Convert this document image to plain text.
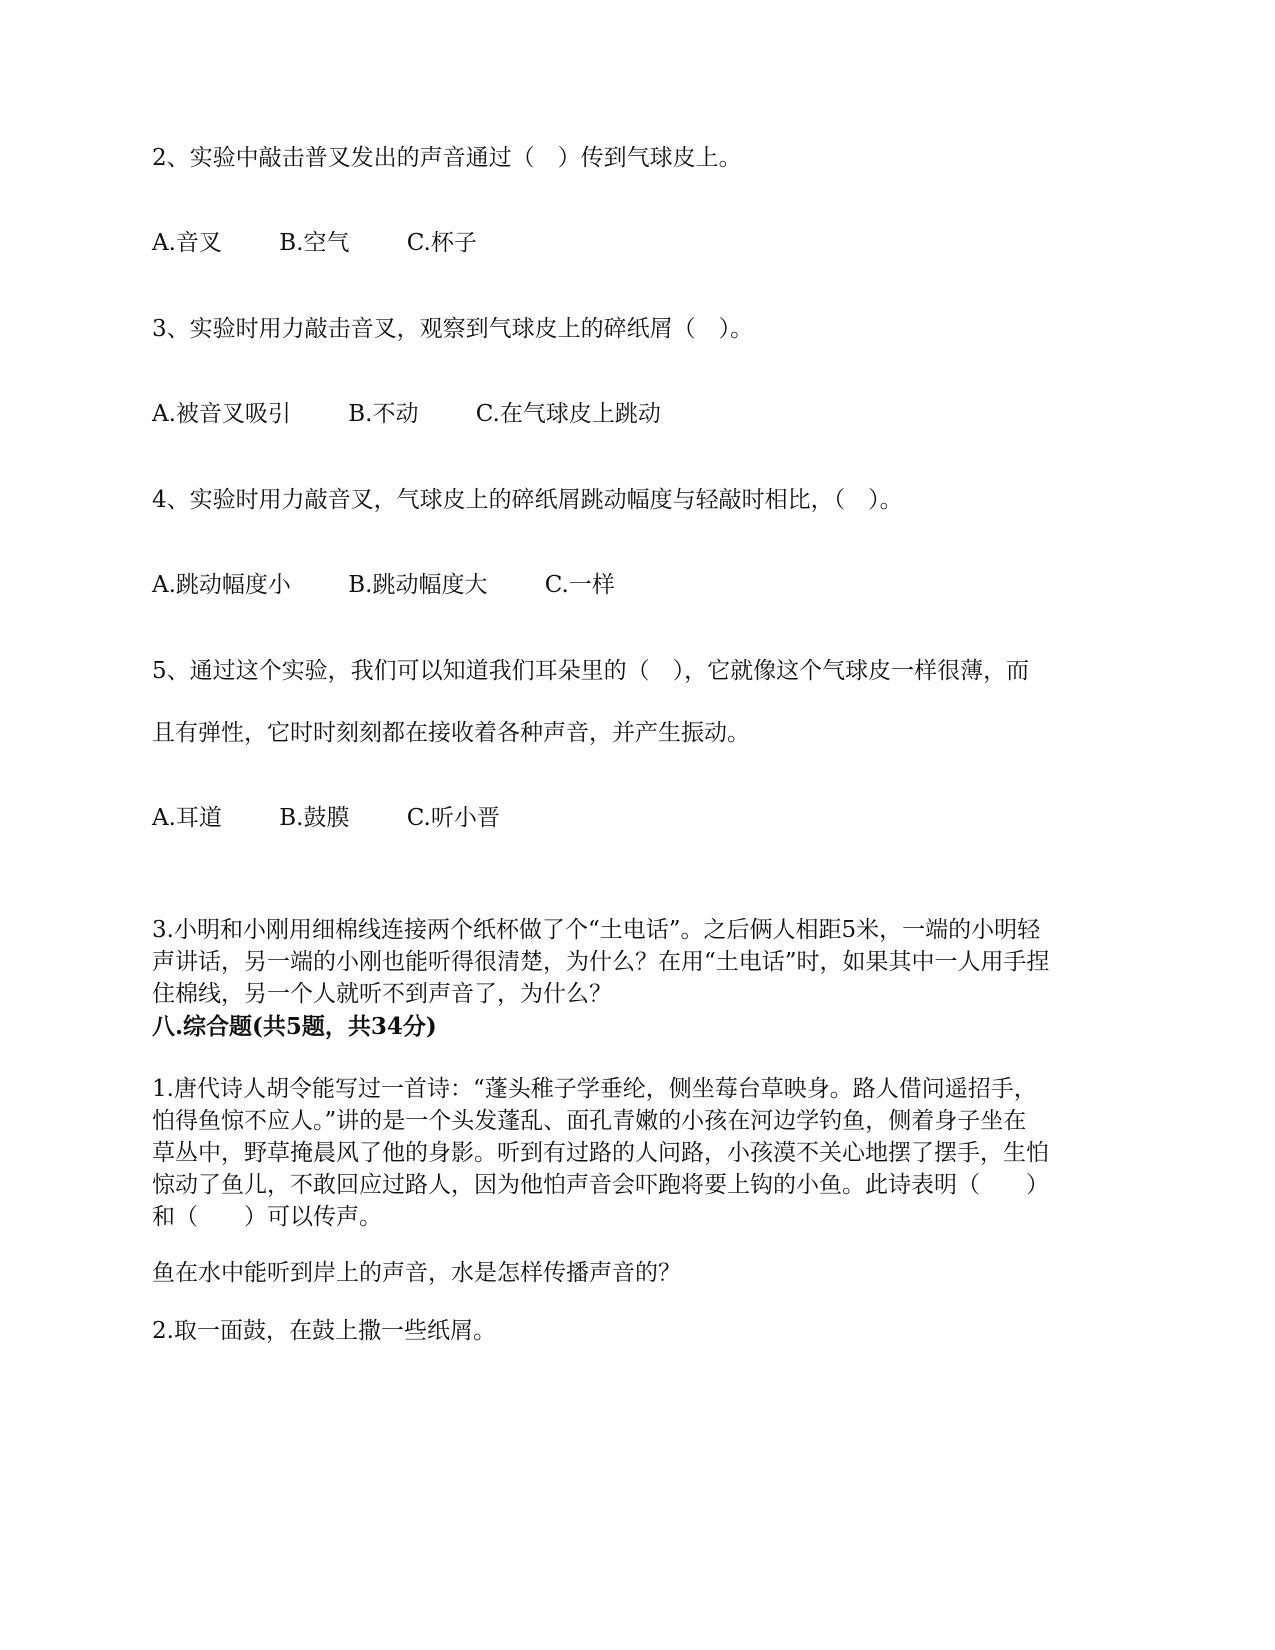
2、实验中敲击普叉发出的声音通过（　）传到气球皮上。
A.音叉 B.空气 C.杯子
3、实验时用力敲击音叉，观察到气球皮上的碎纸屑（　）。
A.被音叉吸引 B.不动 C.在气球皮上跳动
4、实验时用力敲音叉，气球皮上的碎纸屑跳动幅度与轻敲时相比，（　）。
A.跳动幅度小 B.跳动幅度大 C.一样
5、通过这个实验，我们可以知道我们耳朵里的（　），它就像这个气球皮一样很薄，而
且有弹性，它时时刻刻都在接收着各种声音，并产生振动。
A.耳道 B.鼓膜 C.听小晋
3.小明和小刚用细棉线连接两个纸杯做了个“土电话”。之后俩人相距5米，一端的小明轻
声讲话，另一端的小刚也能听得很清楚，为什么？在用“土电话”时，如果其中一人用手捏
住棉线，另一个人就听不到声音了，为什么？
八.综合题(共5题，共34分)
1.唐代诗人胡令能写过一首诗：“蓬头稚子学垂纶，侧坐莓台草映身。路人借问遥招手，
怕得鱼惊不应人。”讲的是一个头发蓬乱、面孔青嫩的小孩在河边学钓鱼，侧着身子坐在
草丛中，野草掩晨风了他的身影。听到有过路的人问路，小孩漠不关心地摆了摆手，生怕
惊动了鱼儿，不敢回应过路人，因为他怕声音会吓跑将要上钩的小鱼。此诗表明（　　）
和（　　）可以传声。
鱼在水中能听到岸上的声音，水是怎样传播声音的？
2.取一面鼓，在鼓上撒一些纸屑。
